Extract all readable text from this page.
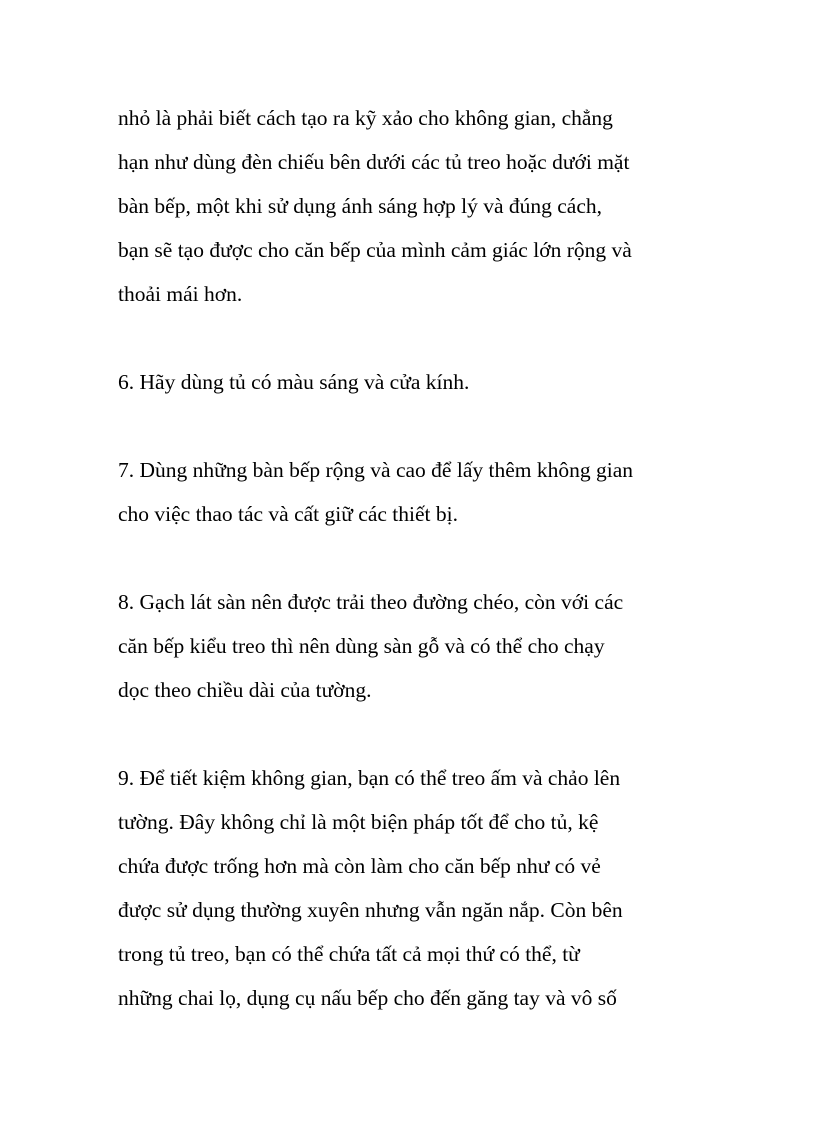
nhỏ là phải biết cách tạo ra kỹ xảo cho không gian, chẳng
hạn như dùng đèn chiếu bên dưới các tủ treo hoặc dưới mặt
bàn bếp, một khi sử dụng ánh sáng hợp lý và đúng cách,
bạn sẽ tạo được cho căn bếp của mình cảm giác lớn rộng và
thoải mái hơn.
6. Hãy dùng tủ có màu sáng và cửa kính.
7. Dùng những bàn bếp rộng và cao để lấy thêm không gian
cho việc thao tác và cất giữ các thiết bị.
8. Gạch lát sàn nên được trải theo đường chéo, còn với các
căn bếp kiểu treo thì nên dùng sàn gỗ và có thể cho chạy
dọc theo chiều dài của tường.
9. Để tiết kiệm không gian, bạn có thể treo ấm và chảo lên
tường. Đây không chỉ là một biện pháp tốt để cho tủ, kệ
chứa được trống hơn mà còn làm cho căn bếp như có vẻ
được sử dụng thường xuyên nhưng vẫn ngăn nắp. Còn bên
trong tủ treo, bạn có thể chứa tất cả mọi thứ có thể, từ
những chai lọ, dụng cụ nấu bếp cho đến găng tay và vô số
